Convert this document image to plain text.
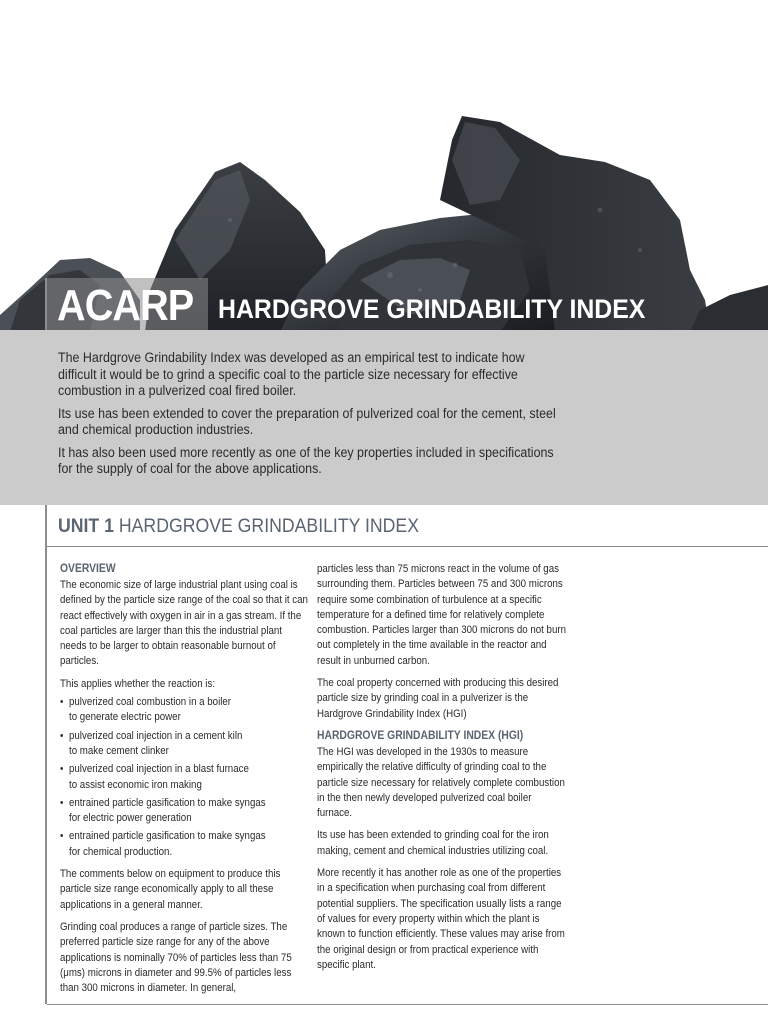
ACARP HARDGROVE GRINDABILITY INDEX

The Hardgrove Grindability Index was developed as an empirical test to indicate how difficult it would be to grind a specific coal to the particle size necessary for effective combustion in a pulverized coal fired boiler.

Its use has been extended to cover the preparation of pulverized coal for the cement, steel and chemical production industries.

It has also been used more recently as one of the key properties included in specifications for the supply of coal for the above applications.

UNIT 1 HARDGROVE GRINDABILITY INDEX
OVERVIEW

The economic size of large industrial plant using coal is defined by the particle size range of the coal so that it can react effectively with oxygen in air in a gas stream. If the coal particles are larger than this the industrial plant needs to be larger to obtain reasonable burnout of particles.

This applies whether the reaction is:

• pulverized coal combustion in a boiler
to generate electric power
• pulverized coal injection in a cement kiln
to make cement clinker
• pulverized coal injection in a blast furnace
to assist economic iron making
• entrained particle gasification to make syngas
for electric power generation
• entrained particle gasification to make syngas
for chemical production.

The comments below on equipment to produce this particle size range economically apply to all these applications in a general manner.

Grinding coal produces a range of particle sizes. The preferred particle size range for any of the above applications is nominally 70% of particles less than 75 (μms) microns in diameter and 99.5% of particles less than 300 microns in diameter. In general,

particles less than 75 microns react in the volume of gas surrounding them. Particles between 75 and 300 microns require some combination of turbulence at a specific temperature for a defined time for relatively complete combustion. Particles larger than 300 microns do not burn out completely in the time available in the reactor and result in unburned carbon.

The coal property concerned with producing this desired particle size by grinding coal in a pulverizer is the Hardgrove Grindability Index (HGI)

HARDGROVE GRINDABILITY INDEX (HGI)

The HGI was developed in the 1930s to measure empirically the relative difficulty of grinding coal to the particle size necessary for relatively complete combustion in the then newly developed pulverized coal boiler furnace.

Its use has been extended to grinding coal for the iron making, cement and chemical industries utilizing coal.

More recently it has another role as one of the properties in a specification when purchasing coal from different potential suppliers. The specification usually lists a range of values for every property within which the plant is known to function efficiently. These values may arise from the original design or from practical experience with specific plant.
